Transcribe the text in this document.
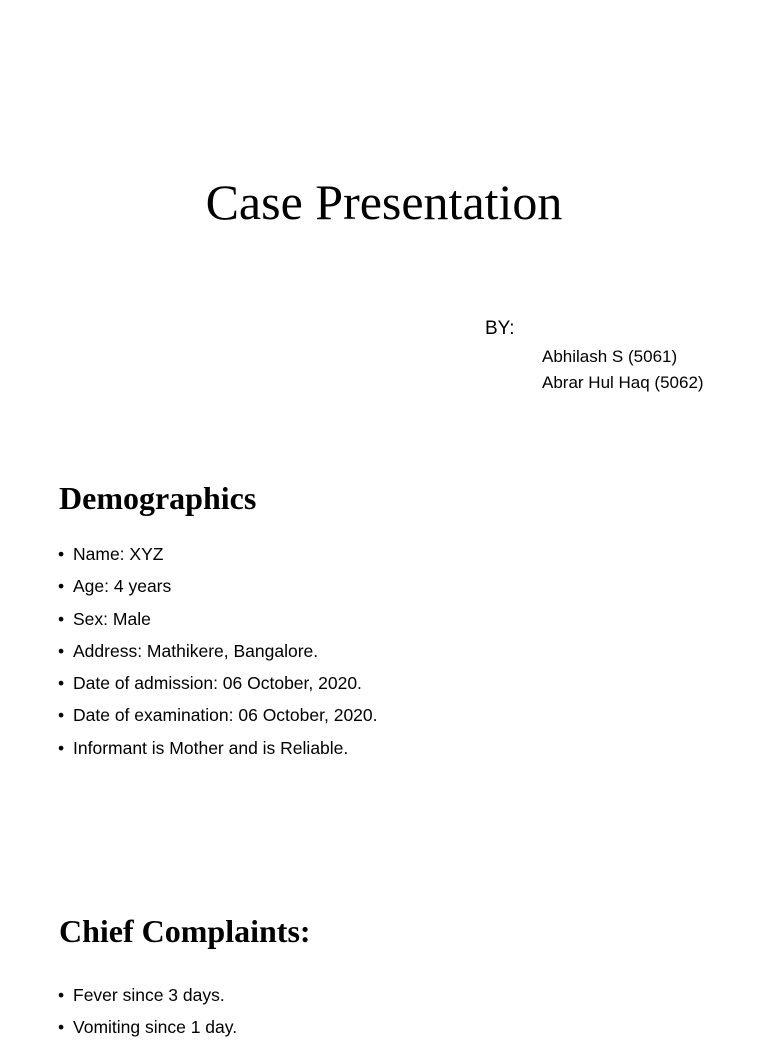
Case Presentation
BY:
Abhilash S (5061)
Abrar Hul Haq (5062)
Demographics
• Name: XYZ
• Age: 4 years
• Sex: Male
• Address: Mathikere, Bangalore.
• Date of admission: 06 October, 2020.
• Date of examination: 06 October, 2020.
• Informant is Mother and is Reliable.
Chief Complaints:
• Fever since 3 days.
• Vomiting since 1 day.
